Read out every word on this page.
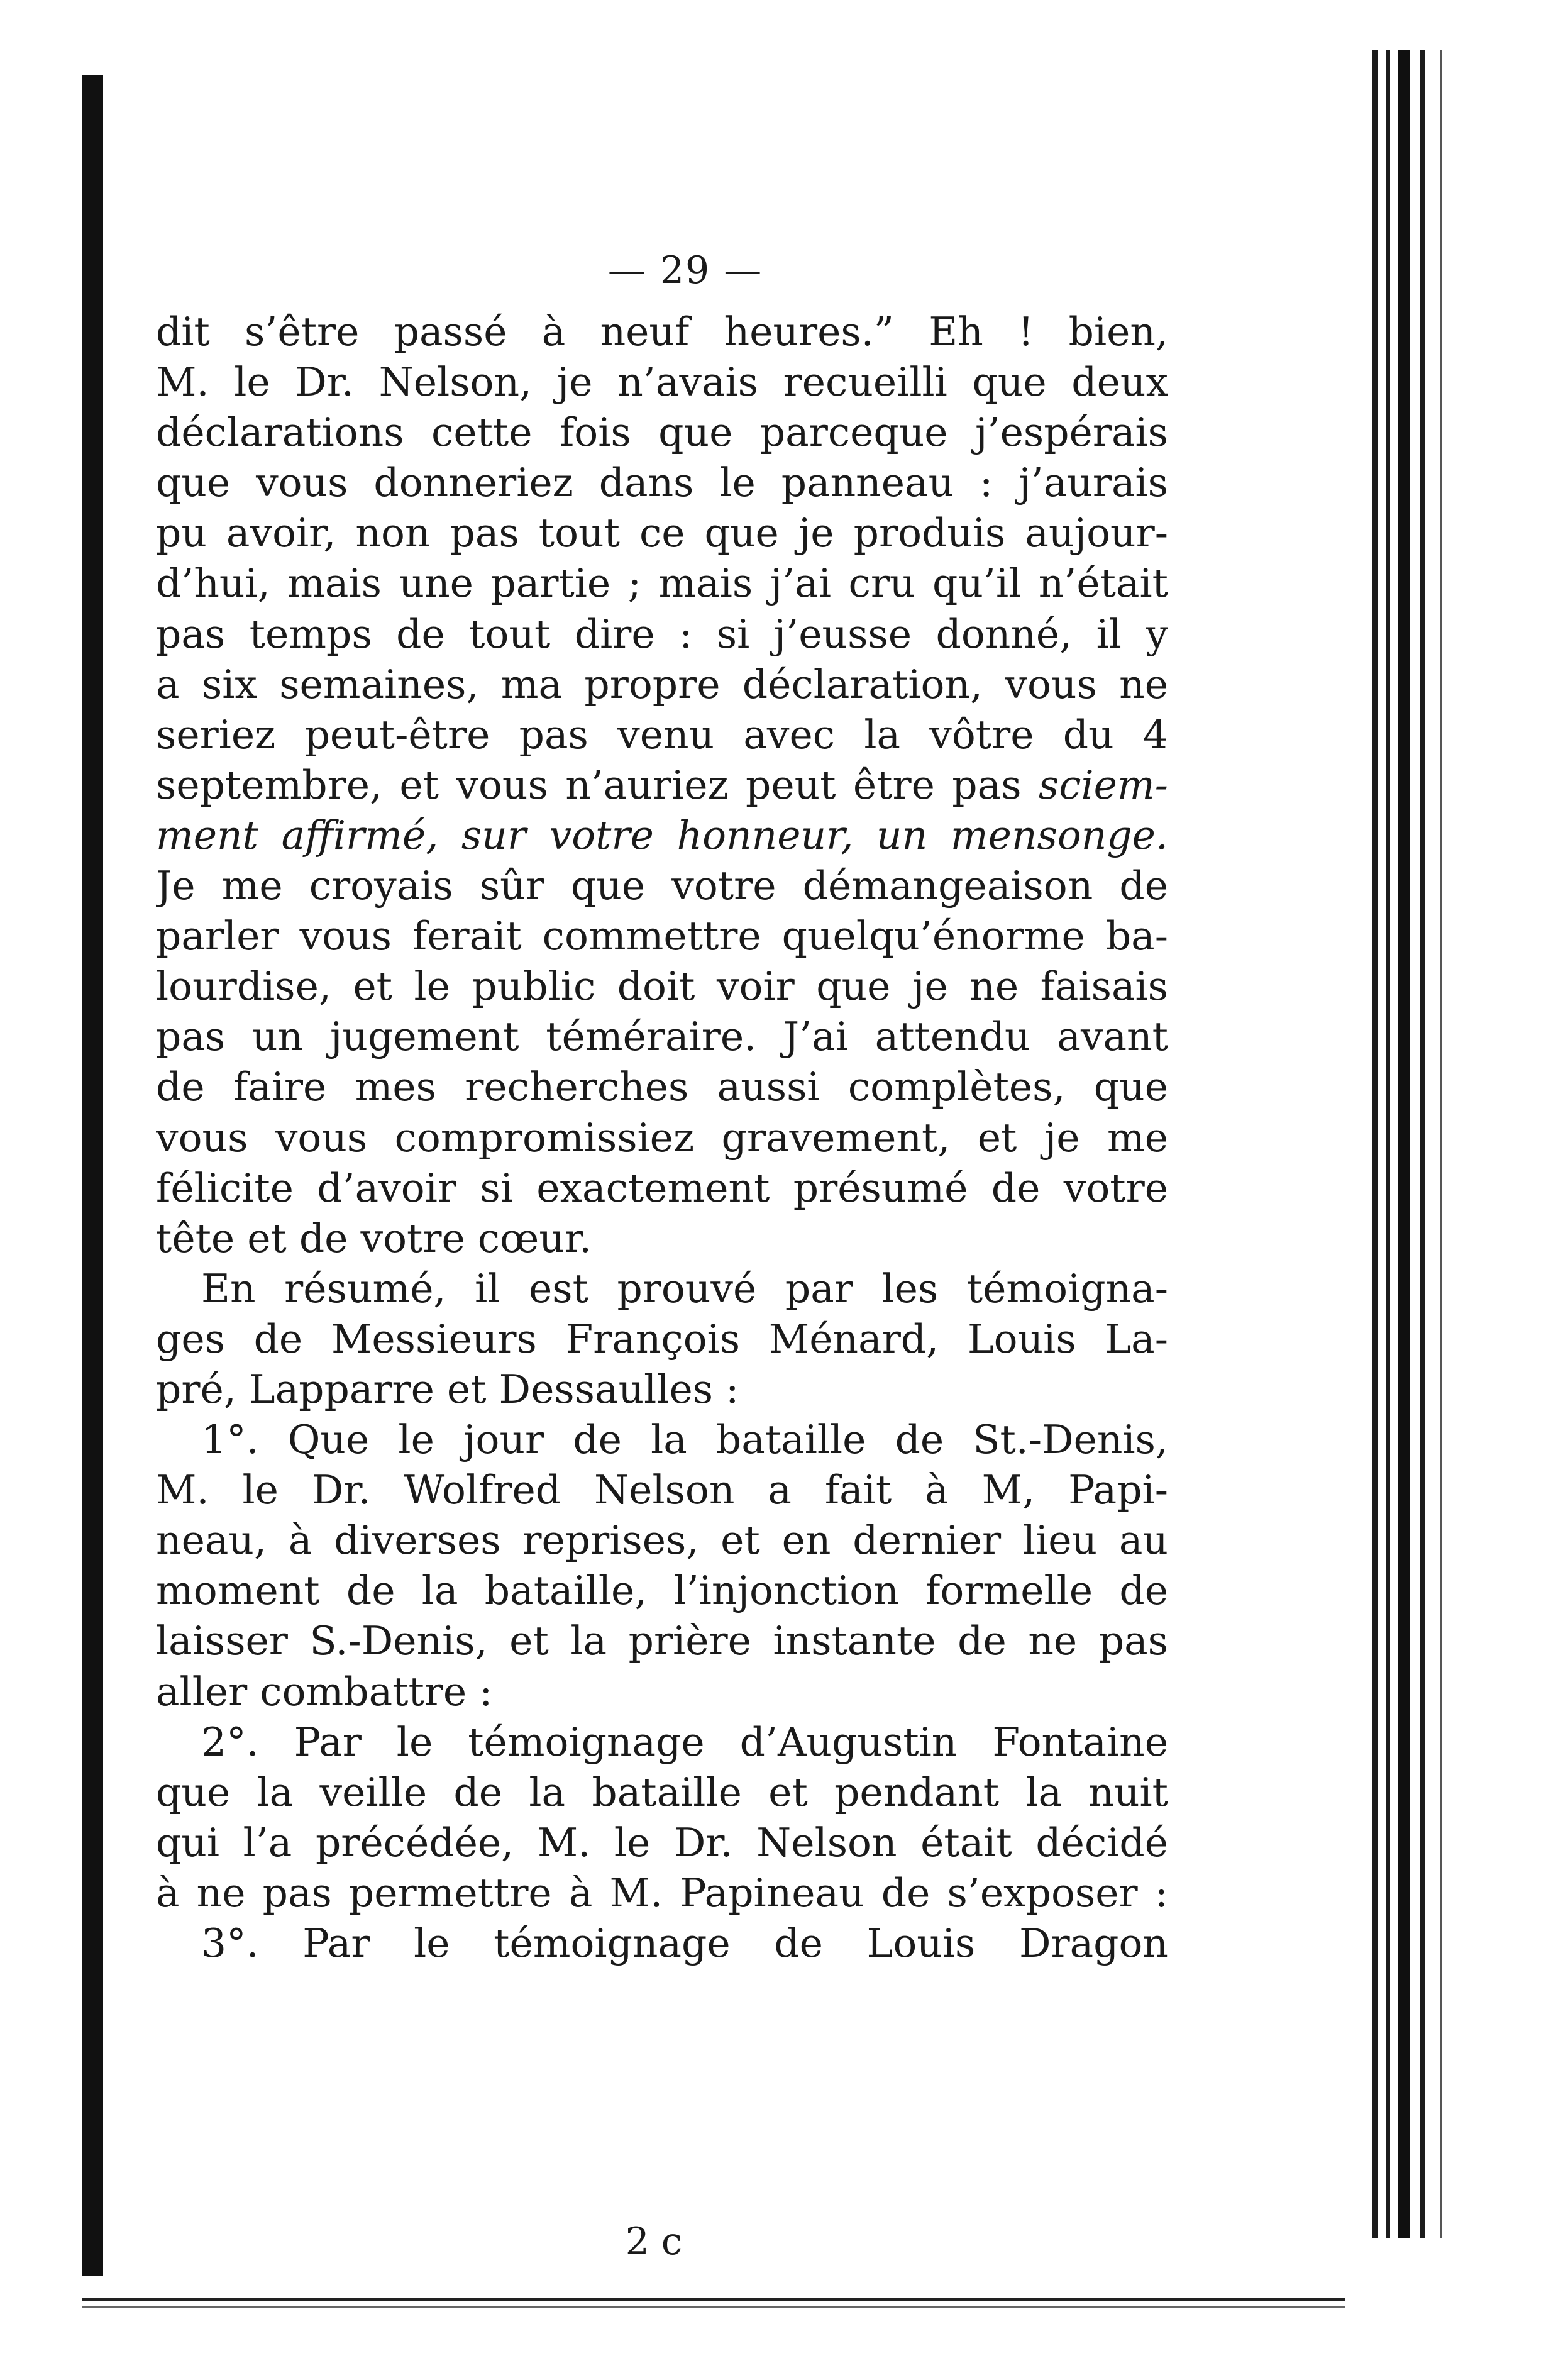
— 29 —
dit s’être passé à neuf heures.” Eh ! bien,
M. le Dr. Nelson, je n’avais recueilli que deux
déclarations cette fois que parceque j’espérais
que vous donneriez dans le panneau : j’aurais
pu avoir, non pas tout ce que je produis aujour-
d’hui, mais une partie ; mais j’ai cru qu’il n’était
pas temps de tout dire : si j’eusse donné, il y
a six semaines, ma propre déclaration, vous ne
seriez peut-être pas venu avec la vôtre du 4
septembre, et vous n’auriez peut être pas sciem-
ment affirmé, sur votre honneur, un mensonge.
Je me croyais sûr que votre démangeaison de
parler vous ferait commettre quelqu’énorme ba-
lourdise, et le public doit voir que je ne faisais
pas un jugement téméraire. J’ai attendu avant
de faire mes recherches aussi complètes, que
vous vous compromissiez gravement, et je me
félicite d’avoir si exactement présumé de votre
tête et de votre cœur.
En résumé, il est prouvé par les témoigna-
ges de Messieurs François Ménard, Louis La-
pré, Lapparre et Dessaulles :
1°. Que le jour de la bataille de St.-Denis,
M. le Dr. Wolfred Nelson a fait à M, Papi-
neau, à diverses reprises, et en dernier lieu au
moment de la bataille, l’injonction formelle de
laisser S.-Denis, et la prière instante de ne pas
aller combattre :
2°. Par le témoignage d’Augustin Fontaine
que la veille de la bataille et pendant la nuit
qui l’a précédée, M. le Dr. Nelson était décidé
à ne pas permettre à M. Papineau de s’exposer :
3°. Par le témoignage de Louis Dragon
2 c
